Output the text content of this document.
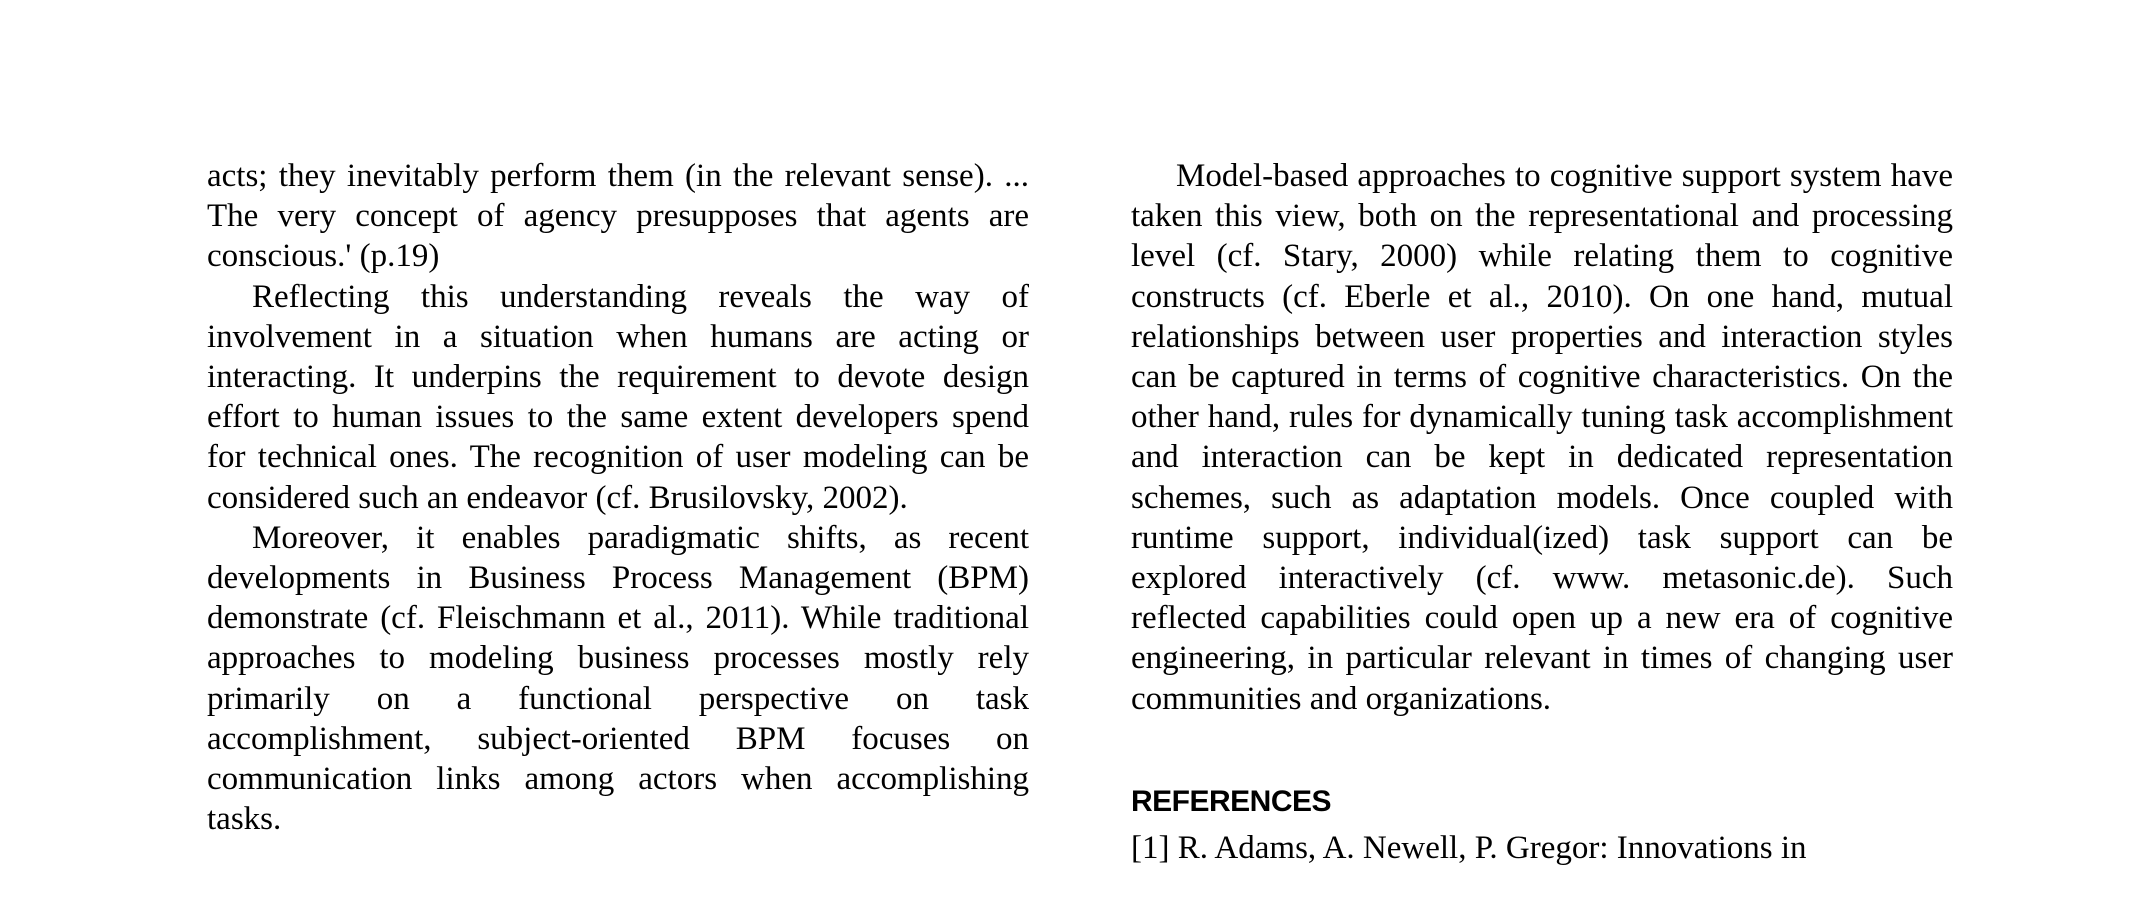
acts; they inevitably perform them (in the relevant sense). ... The very concept of agency presupposes that agents are conscious.' (p.19)

Reflecting this understanding reveals the way of involvement in a situation when humans are acting or interacting. It underpins the requirement to devote design effort to human issues to the same extent developers spend for technical ones. The recognition of user modeling can be considered such an endeavor (cf. Brusilovsky, 2002).

Moreover, it enables paradigmatic shifts, as recent developments in Business Process Management (BPM) demonstrate (cf. Fleischmann et al., 2011). While traditional approaches to modeling business processes mostly rely primarily on a functional perspective on task accomplishment, subject-oriented BPM focuses on communication links among actors when accomplishing tasks.

Model-based approaches to cognitive support system have taken this view, both on the representational and processing level (cf. Stary, 2000) while relating them to cognitive constructs (cf. Eberle et al., 2010). On one hand, mutual relationships between user properties and interaction styles can be captured in terms of cognitive characteristics. On the other hand, rules for dynamically tuning task accomplishment and interaction can be kept in dedicated representation schemes, such as adaptation models. Once coupled with runtime support, individual(ized) task support can be explored interactively (cf. www. metasonic.de). Such reflected capabilities could open up a new era of cognitive engineering, in particular relevant in times of changing user communities and organizations.

REFERENCES
[1] R. Adams, A. Newell, P. Gregor: Innovations in
